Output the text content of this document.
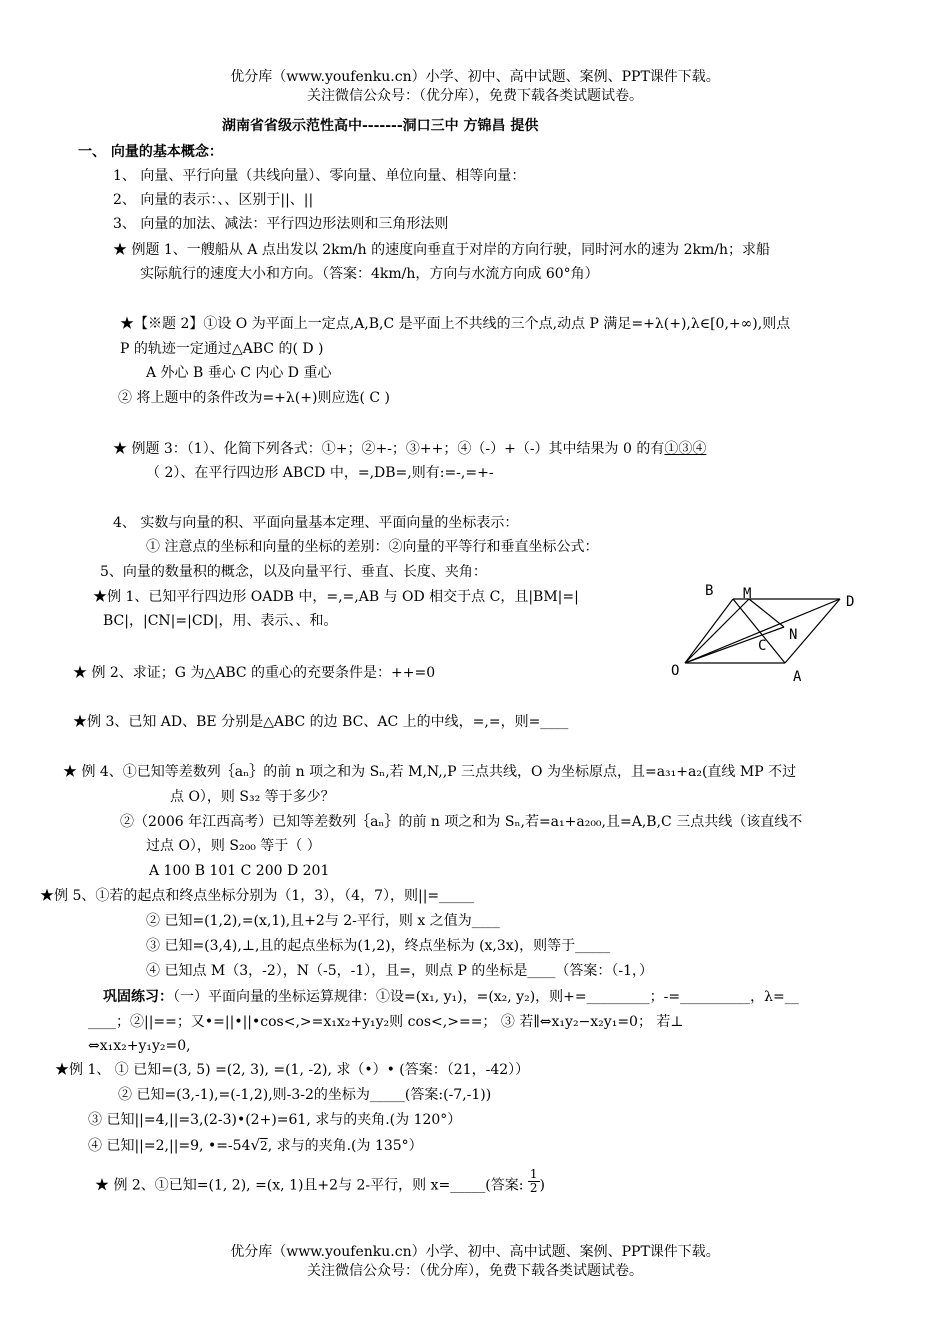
优分库（www.youfenku.cn）小学、初中、高中试题、案例、PPT课件下载。
关注微信公众号：（优分库），免费下载各类试题试卷。
湖南省省级示范性高中-------洞口三中 方锦昌 提供
一、 向量的基本概念：
1、 向量、平行向量（共线向量）、零向量、单位向量、相等向量：
2、 向量的表示：、、区别于||、||
3、 向量的加法、减法：平行四边形法则和三角形法则
★ 例题 1、一艘船从 A 点出发以 2km/h 的速度向垂直于对岸的方向行驶，同时河水的速为 2km/h；求船
实际航行的速度大小和方向。（答案：4km/h，方向与水流方向成 60°角）
★【※题 2】①设 O 为平面上一定点,A,B,C 是平面上不共线的三个点,动点 P 满足=+λ(+),λ∈[0,+∞),则点
P 的轨迹一定通过△ABC 的( D )
A 外心 B 垂心 C 内心 D 重心
② 将上题中的条件改为=+λ(+)则应选( C )
★ 例题 3：（1）、化简下列各式：①+；②+-；③++；④（-）+（-）其中结果为 0 的有①③④
（ 2）、在平行四边形 ABCD 中，=,DB=,则有:=-,=+-
4、 实数与向量的积、平面向量基本定理、平面向量的坐标表示：
① 注意点的坐标和向量的坐标的差别：②向量的平等行和垂直坐标公式：
5、向量的数量积的概念，以及向量平行、垂直、长度、夹角：
★例 1、已知平行四边形 OADB 中，=,=,AB 与 OD 相交于点 C，且|BM|=|
BC|，|CN|=|CD|，用、表示、、和。
B M	D
C
N
O	A
★ 例 2、求证；G 为△ABC 的重心的充要条件是：++=0
★例 3、已知 AD、BE 分别是△ABC 的边 BC、AC 上的中线，=,=，则=____
★ 例 4、①已知等差数列｛aₙ｝的前 n 项之和为 Sₙ,若 M,N,,P 三点共线，O 为坐标原点，且=a₃₁+a₂(直线 MP 不过
点 O），则 S₃₂ 等于多少？
②（2006 年江西高考）已知等差数列｛aₙ｝的前 n 项之和为 Sₙ,若=a₁+a₂₀₀,且=A,B,C 三点共线（该直线不
过点 O），则 S₂₀₀ 等于（ ）
A 100 B 101 C 200 D 201
★例 5、①若的起点和终点坐标分别为（1，3），（4，7），则||=_____
② 已知=(1,2),=(x,1),且+2与 2-平行，则 x 之值为____
③ 已知=(3,4),⊥,且的起点坐标为(1,2)，终点坐标为 (x,3x)，则等于_____
④ 已知点 M（3，-2），N（-5，-1），且=，则点 P 的坐标是____（答案：（-1，）
巩固练习：（一）平面向量的坐标运算规律：①设=(x₁, y₁)，=(x₂, y₂)，则+=_________；-=__________，λ=__
____；②||==；又•=||•||•cos<,>=x₁x₂+y₁y₂则 cos<,>==； ③ 若∥⇔x₁y₂−x₂y₁=0； 若⊥
⇔x₁x₂+y₁y₂=0,
★例 1、 ① 已知=(3, 5) =(2, 3), =(1, -2), 求（•）• (答案：（21，-42））
② 已知=(3,-1),=(-1,2),则-3-2的坐标为_____(答案:(-7,-1))
③ 已知||=4,||=3,(2-3)•(2+)=61, 求与的夹角.(为 120°）
④ 已知||=2,||=9, •=-54√2, 求与的夹角.(为 135°）
★ 例 2、①已知=(1, 2), =(x, 1)且+2与 2-平行，则 x=_____(答案: $\frac{1}{2}$ )
优分库（www.youfenku.cn）小学、初中、高中试题、案例、PPT课件下载。
关注微信公众号：（优分库），免费下载各类试题试卷。
